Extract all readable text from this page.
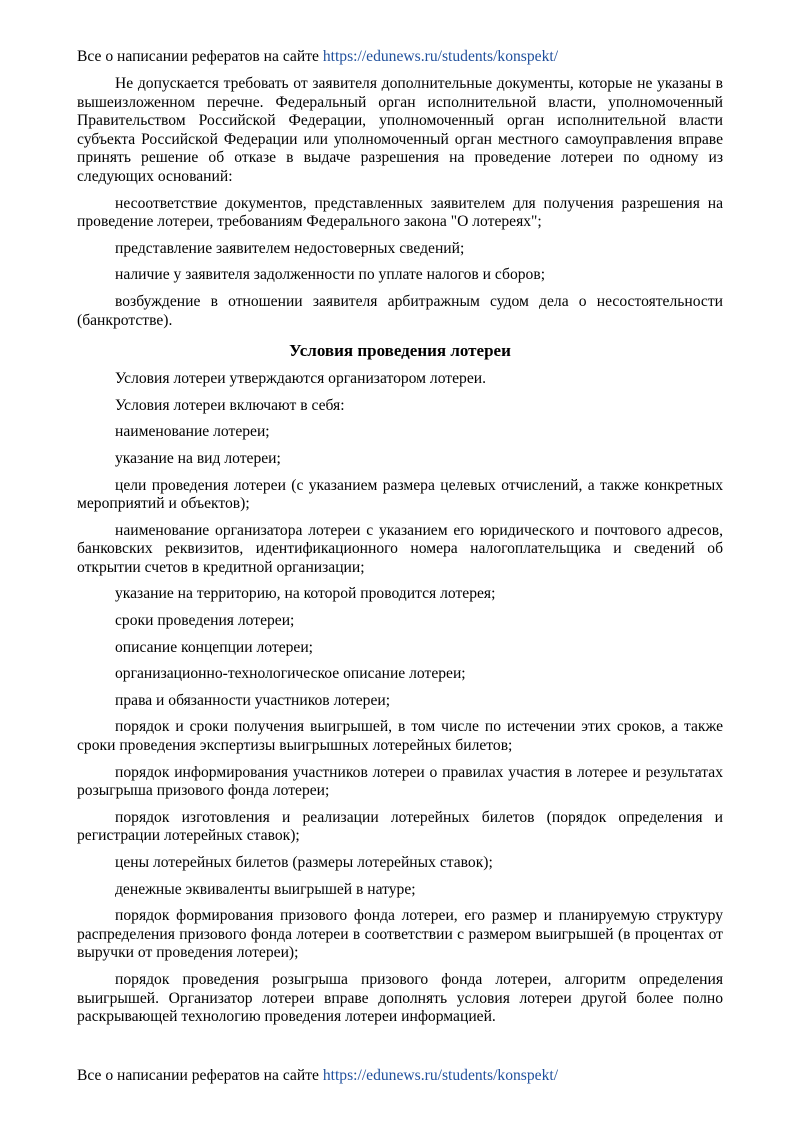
Все о написании рефератов на сайте https://edunews.ru/students/konspekt/

Не допускается требовать от заявителя дополнительные документы, которые не указаны в вышеизложенном перечне. Федеральный орган исполнительной власти, уполномоченный Правительством Российской Федерации, уполномоченный орган исполнительной власти субъекта Российской Федерации или уполномоченный орган местного самоуправления вправе принять решение об отказе в выдаче разрешения на проведение лотереи по одному из следующих оснований:

несоответствие документов, представленных заявителем для получения разрешения на проведение лотереи, требованиям Федерального закона "О лотереях";

представление заявителем недостоверных сведений;

наличие у заявителя задолженности по уплате налогов и сборов;

возбуждение в отношении заявителя арбитражным судом дела о несостоятельности (банкротстве).

Условия проведения лотереи

Условия лотереи утверждаются организатором лотереи.

Условия лотереи включают в себя:

наименование лотереи;

указание на вид лотереи;

цели проведения лотереи (с указанием размера целевых отчислений, а также конкретных мероприятий и объектов);

наименование организатора лотереи с указанием его юридического и почтового адресов, банковских реквизитов, идентификационного номера налогоплательщика и сведений об открытии счетов в кредитной организации;

указание на территорию, на которой проводится лотерея;

сроки проведения лотереи;

описание концепции лотереи;

организационно-технологическое описание лотереи;

права и обязанности участников лотереи;

порядок и сроки получения выигрышей, в том числе по истечении этих сроков, а также сроки проведения экспертизы выигрышных лотерейных билетов;

порядок информирования участников лотереи о правилах участия в лотерее и результатах розыгрыша призового фонда лотереи;

порядок изготовления и реализации лотерейных билетов (порядок определения и регистрации лотерейных ставок);

цены лотерейных билетов (размеры лотерейных ставок);

денежные эквиваленты выигрышей в натуре;

порядок формирования призового фонда лотереи, его размер и планируемую структуру распределения призового фонда лотереи в соответствии с размером выигрышей (в процентах от выручки от проведения лотереи);

порядок проведения розыгрыша призового фонда лотереи, алгоритм определения выигрышей. Организатор лотереи вправе дополнять условия лотереи другой более полно раскрывающей технологию проведения лотереи информацией.

Все о написании рефератов на сайте https://edunews.ru/students/konspekt/
